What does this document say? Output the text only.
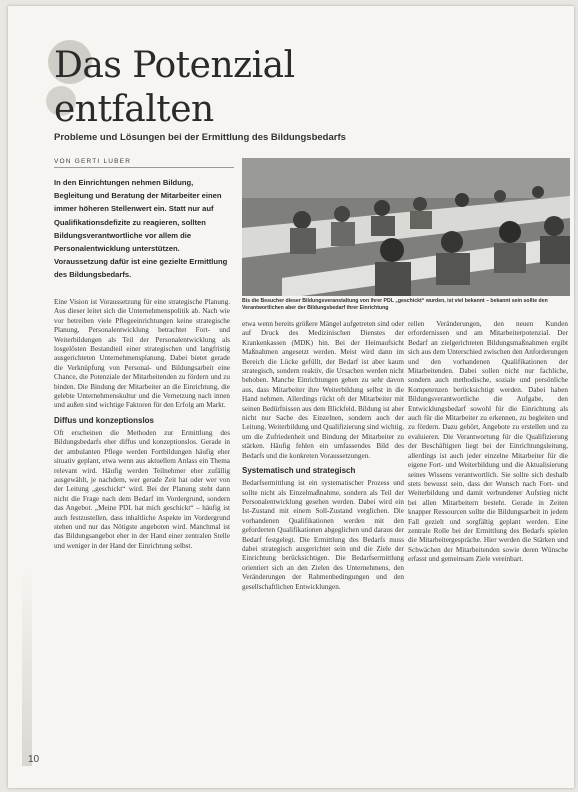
Das Potenzial
entfalten

Probleme und Lösungen bei der Ermittlung des Bildungsbedarfs

VON GERTI LUBER

In den Einrichtungen nehmen Bildung, Begleitung und Beratung der Mitarbeiter einen immer höheren Stellenwert ein. Statt nur auf Qualifikationsdefizite zu reagieren, sollten Bildungsverantwortliche vor allem die Personalentwicklung unterstützen. Voraussetzung dafür ist eine gezielte Ermittlung des Bildungsbedarfs.

Bis die Besucher dieser Bildungsveranstaltung von ihrer PDL „geschickt“ wurden, ist viel bekannt – bekannt sein sollte den Verantwortlichen aber der Bildungsbedarf ihrer Einrichtung

Eine Vision ist Voraussetzung für eine strategische Planung. Aus dieser leitet sich die Unternehmenspolitik ab. Nach wie vor betreiben viele Pflegeeinrichtungen keine strategische Planung, Personalentwicklung betrachtet Fort- und Weiterbildungen als Teil der Personalentwicklung als losgelösten Bestandteil einer strategischen und langfristig ausgerichteten Unternehmensplanung. Dabei bietet gerade die Verknüpfung von Personal- und Bildungsarbeit eine Chance, die Potenziale der Mitarbeitenden zu fördern und zu binden. Die Bindung der Mitarbeiter an die Einrichtung, die gelebte Unternehmenskultur und die Vernetzung nach innen und außen sind wichtige Faktoren für den Erfolg am Markt.

Diffus und konzeptionslos

Oft erscheinen die Methoden zur Ermittlung des Bildungsbedarfs eher diffus und konzeptionslos. Gerade in der ambulanten Pflege werden Fortbildungen häufig eher situativ geplant, etwa wenn aus aktuellem Anlass ein Thema relevant wird. Häufig werden Teilnehmer eher zufällig ausgewählt, je nachdem, wer gerade Zeit hat oder wer von der Leitung „geschickt“ wird. Bei der Planung steht dann nicht die Frage nach dem Bedarf im Vordergrund, sondern das Angebot. „Meine PDL hat mich geschickt“ – häufig ist auch festzustellen, dass inhaltliche Aspekte im Vordergrund stehen und nur das Nötigste angeboten wird. Manchmal ist das Bildungsangebot eher in der Hand einer zentralen Stelle und weniger in der Hand der Einrichtung selbst.

etwa wenn bereits größere Mängel aufgetreten sind oder auf Druck des Medizinischen Dienstes der Krankenkassen (MDK) hin. Bei der Heimaufsicht Maßnahmen angesetzt werden. Meist wird dann im Bereich die Lücke gefüllt, der Bedarf ist aber kaum strategisch, sondern reaktiv, die Ursachen werden nicht behoben. Manche Einrichtungen gehen zu sehr davon aus, dass Mitarbeiter ihre Weiterbildung selbst in die Hand nehmen. Allerdings rückt oft der Mitarbeiter mit seinen Bedürfnissen aus dem Blickfeld. Bildung ist aber nicht nur Sache des Einzelnen, sondern auch der Leitung. Weiterbildung und Qualifizierung sind wichtig, um die Zufriedenheit und Bindung der Mitarbeiter zu stärken. Häufig fehlen ein umfassendes Bild des Bedarfs und die konkreten Voraussetzungen.

Systematisch und strategisch

Bedarfsermittlung ist ein systematischer Prozess und sollte nicht als Einzelmaßnahme, sondern als Teil der Personalentwicklung gesehen werden. Dabei wird ein Ist-Zustand mit einem Soll-Zustand verglichen. Die vorhandenen Qualifikationen werden mit den geforderten Qualifikationen abgeglichen und daraus der Bedarf festgelegt. Die Ermittlung des Bedarfs muss dabei strategisch ausgerichtet sein und die Ziele der Einrichtung berücksichtigen. Die Bedarfsermittlung orientiert sich an den Zielen des Unternehmens, den Veränderungen der Rahmenbedingungen und den gesellschaftlichen Entwicklungen.

rellen Veränderungen, den neuen Kunden erfordernissen und am Mitarbeiterpotenzial. Der Bedarf an zielgerichteten Bildungsmaßnahmen ergibt sich aus dem Unterschied zwischen den Anforderungen und den vorhandenen Qualifikationen der Mitarbeitenden. Dabei sollen nicht nur fachliche, sondern auch methodische, soziale und persönliche Kompetenzen berücksichtigt werden. Dabei haben Bildungsverantwortliche die Aufgabe, den Entwicklungsbedarf sowohl für die Einrichtung als auch für die Mitarbeiter zu erkennen, zu begleiten und zu fördern. Dazu gehört, Angebote zu erstellen und zu evaluieren. Die Verantwortung für die Qualifizierung der Beschäftigten liegt bei der Einrichtungsleitung, allerdings ist auch jeder einzelne Mitarbeiter für die eigene Fort- und Weiterbildung und die Aktualisierung seines Wissens verantwortlich. Sie sollte sich deshalb stets bewusst sein, dass der Wunsch nach Fort- und Weiterbildung und damit verbundener Aufstieg nicht bei allen Mitarbeitern besteht. Gerade in Zeiten knapper Ressourcen sollte die Bildungsarbeit in jedem Fall gezielt und sorgfältig geplant werden. Eine zentrale Rolle bei der Ermittlung des Bedarfs spielen die Mitarbeitergespräche. Hier werden die Stärken und Schwächen der Mitarbeitenden sowie deren Wünsche erfasst und gemeinsam Ziele vereinbart.

10
